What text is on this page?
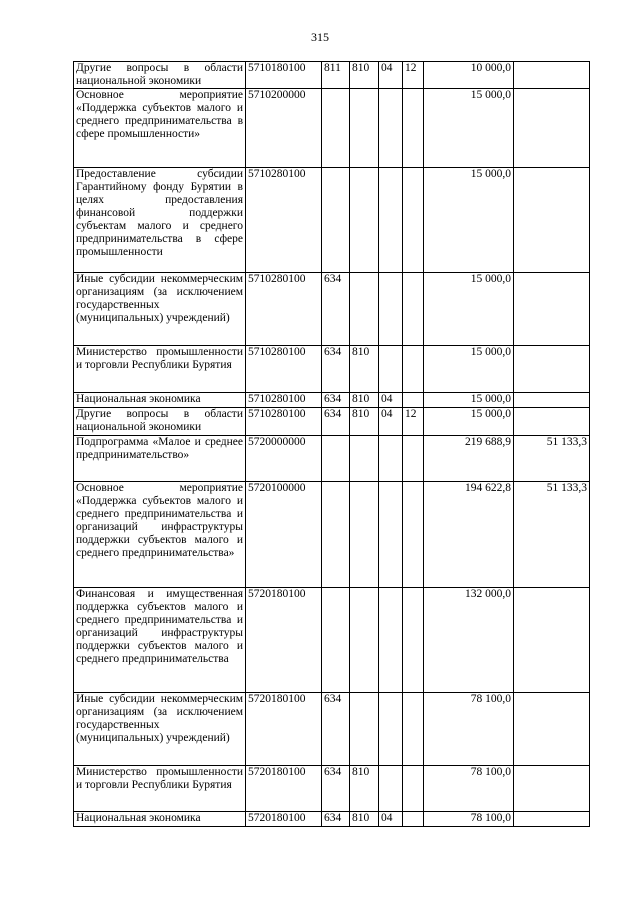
315
Другие вопросы в области национальной экономики	5710180100	811	810	04	12	10 000,0	
Основное мероприятие «Поддержка субъектов малого и среднего предпринимательства в сфере промышленности»	5710200000					15 000,0	
Предоставление субсидии Гарантийному фонду Бурятии в целях предоставления финансовой поддержки субъектам малого и среднего предпринимательства в сфере промышленности	5710280100					15 000,0	
Иные субсидии некоммерческим организациям (за исключением государственных (муниципальных) учреждений)	5710280100	634				15 000,0	
Министерство промышленности и торговли Республики Бурятия	5710280100	634	810			15 000,0	
Национальная экономика	5710280100	634	810	04		15 000,0	
Другие вопросы в области национальной экономики	5710280100	634	810	04	12	15 000,0	
Подпрограмма «Малое и среднее предпринимательство»	5720000000					219 688,9	51 133,3
Основное мероприятие «Поддержка субъектов малого и среднего предпринимательства и организаций инфраструктуры поддержки субъектов малого и среднего предпринимательства»	5720100000					194 622,8	51 133,3
Финансовая и имущественная поддержка субъектов малого и среднего предпринимательства и организаций инфраструктуры поддержки субъектов малого и среднего предпринимательства	5720180100					132 000,0	
Иные субсидии некоммерческим организациям (за исключением государственных (муниципальных) учреждений)	5720180100	634				78 100,0	
Министерство промышленности и торговли Республики Бурятия	5720180100	634	810			78 100,0	
Национальная экономика	5720180100	634	810	04		78 100,0	
